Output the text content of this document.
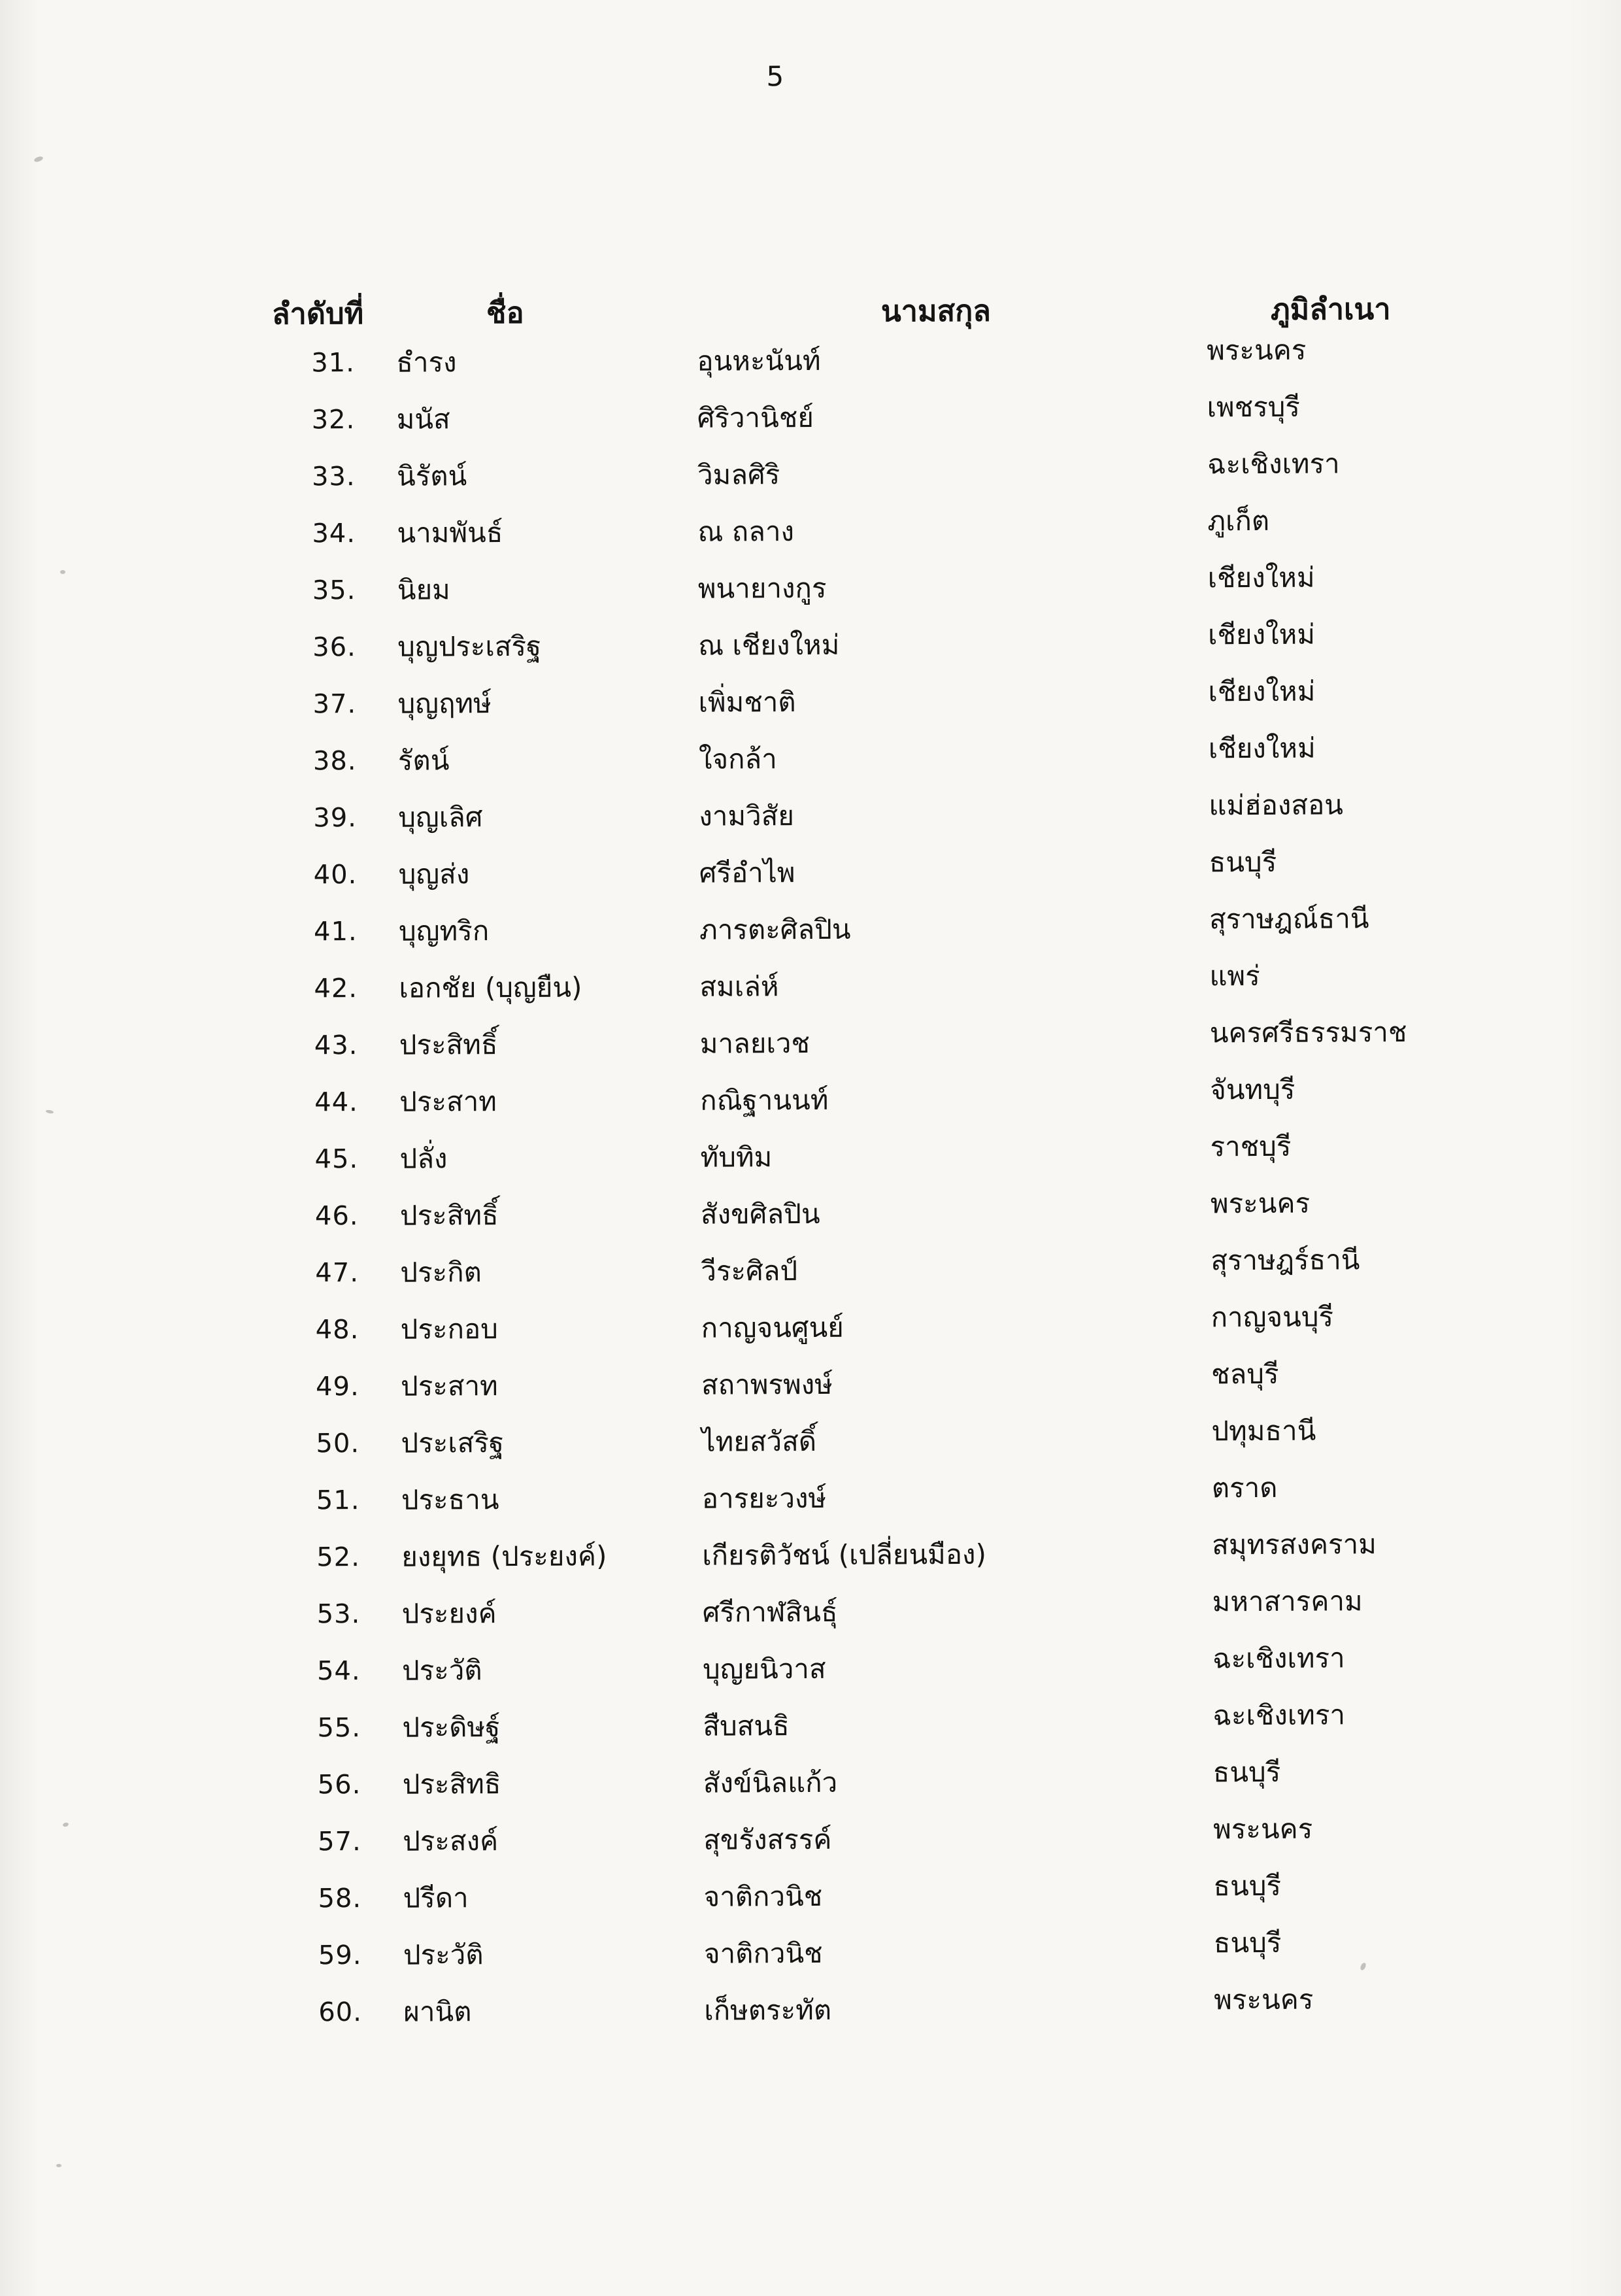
5
ลำดับที่	ชื่อ	นามสกุล	ภูมิลำเนา
31.	ธำรง	อุนหะนันท์	พระนคร
32.	มนัส	ศิริวานิชย์	เพชรบุรี
33.	นิรัตน์	วิมลศิริ	ฉะเชิงเทรา
34.	นามพันธ์	ณ ถลาง	ภูเก็ต
35.	นิยม	พนายางกูร	เชียงใหม่
36.	บุญประเสริฐ	ณ เชียงใหม่	เชียงใหม่
37.	บุญฤทษ์	เพิ่มชาติ	เชียงใหม่
38.	รัตน์	ใจกล้า	เชียงใหม่
39.	บุญเลิศ	งามวิสัย	แม่ฮ่องสอน
40.	บุญส่ง	ศรีอำไพ	ธนบุรี
41.	บุญทริก	ภารตะศิลปิน	สุราษฎณ์ธานี
42.	เอกชัย (บุญยืน)	สมเล่ห์	แพร่
43.	ประสิทธิ์	มาลยเวช	นครศรีธรรมราช
44.	ประสาท	กณิฐานนท์	จันทบุรี
45.	ปลั่ง	ทับทิม	ราชบุรี
46.	ประสิทธิ์	สังขศิลปิน	พระนคร
47.	ประกิต	วีระศิลป์	สุราษฎร์ธานี
48.	ประกอบ	กาญจนศูนย์	กาญจนบุรี
49.	ประสาท	สถาพรพงษ์	ชลบุรี
50.	ประเสริฐ	ไทยสวัสดิ์	ปทุมธานี
51.	ประธาน	อารยะวงษ์	ตราด
52.	ยงยุทธ (ประยงค์)	เกียรติวัชน์ (เปลี่ยนมือง)	สมุทรสงคราม
53.	ประยงค์	ศรีกาฬสินธุ์	มหาสารคาม
54.	ประวัติ	บุญยนิวาส	ฉะเชิงเทรา
55.	ประดิษฐ์	สืบสนธิ	ฉะเชิงเทรา
56.	ประสิทธิ	สังข์นิลแก้ว	ธนบุรี
57.	ประสงค์	สุขรังสรรค์	พระนคร
58.	ปรีดา	จาติกวนิช	ธนบุรี
59.	ประวัติ	จาติกวนิช	ธนบุรี
60.	ผานิต	เก็ษตระทัต	พระนคร
